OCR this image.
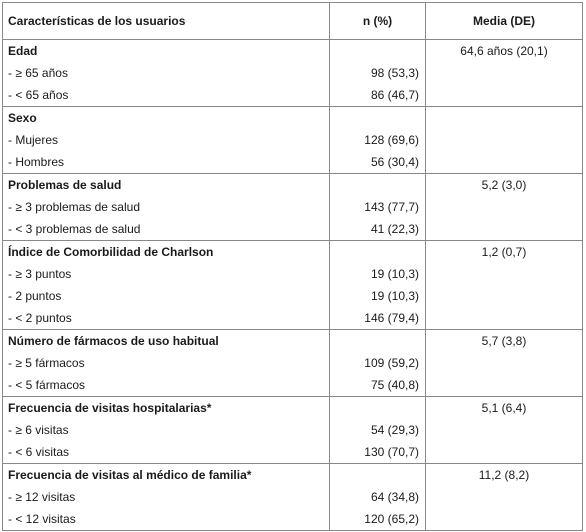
Características de los usuarios	n (%)	Media (DE)
Edad		64,6 años (20,1)
- ≥ 65 años	98 (53,3)	
- < 65 años	86 (46,7)	
Sexo		
- Mujeres	128 (69,6)	
- Hombres	56 (30,4)	
Problemas de salud		5,2 (3,0)
- ≥ 3 problemas de salud	143 (77,7)	
- < 3 problemas de salud	41 (22,3)	
Índice de Comorbilidad de Charlson		1,2 (0,7)
- ≥ 3 puntos	19 (10,3)	
- 2 puntos	19 (10,3)	
- < 2 puntos	146 (79,4)	
Número de fármacos de uso habitual		5,7 (3,8)
- ≥ 5 fármacos	109 (59,2)	
- < 5 fármacos	75 (40,8)	
Frecuencia de visitas hospitalarias*		5,1 (6,4)
- ≥ 6 visitas	54 (29,3)	
- < 6 visitas	130 (70,7)	
Frecuencia de visitas al médico de familia*		11,2 (8,2)
- ≥ 12 visitas	64 (34,8)	
- < 12 visitas	120 (65,2)	
